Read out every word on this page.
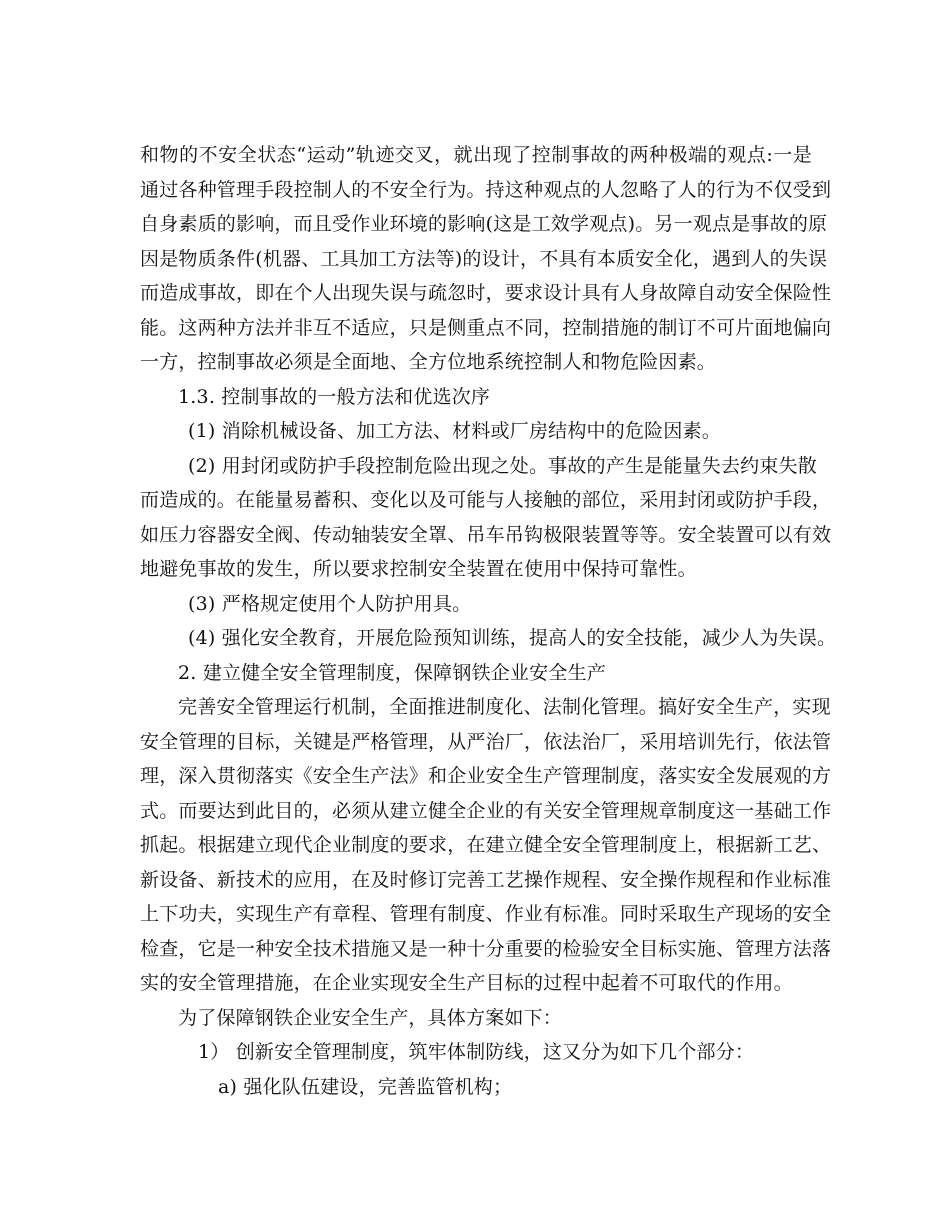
和物的不安全状态“运动”轨迹交叉，就出现了控制事故的两种极端的观点:一是
通过各种管理手段控制人的不安全行为。持这种观点的人忽略了人的行为不仅受到
自身素质的影响，而且受作业环境的影响(这是工效学观点)。另一观点是事故的原
因是物质条件(机器、工具加工方法等)的设计，不具有本质安全化，遇到人的失误
而造成事故，即在个人出现失误与疏忽时，要求设计具有人身故障自动安全保险性
能。这两种方法并非互不适应，只是侧重点不同，控制措施的制订不可片面地偏向
一方，控制事故必须是全面地、全方位地系统控制人和物危险因素。
1.3. 控制事故的一般方法和优选次序
(1) 消除机械设备、加工方法、材料或厂房结构中的危险因素。
(2) 用封闭或防护手段控制危险出现之处。事故的产生是能量失去约束失散
而造成的。在能量易蓄积、变化以及可能与人接触的部位，采用封闭或防护手段，
如压力容器安全阀、传动轴装安全罩、吊车吊钩极限装置等等。安全装置可以有效
地避免事故的发生，所以要求控制安全装置在使用中保持可靠性。
(3) 严格规定使用个人防护用具。
(4) 强化安全教育，开展危险预知训练，提高人的安全技能，减少人为失误。
2. 建立健全安全管理制度，保障钢铁企业安全生产
完善安全管理运行机制，全面推进制度化、法制化管理。搞好安全生产，实现
安全管理的目标，关键是严格管理，从严治厂，依法治厂，采用培训先行，依法管
理，深入贯彻落实《安全生产法》和企业安全生产管理制度，落实安全发展观的方
式。而要达到此目的，必须从建立健全企业的有关安全管理规章制度这一基础工作
抓起。根据建立现代企业制度的要求，在建立健全安全管理制度上，根据新工艺、
新设备、新技术的应用，在及时修订完善工艺操作规程、安全操作规程和作业标准
上下功夫，实现生产有章程、管理有制度、作业有标准。同时采取生产现场的安全
检查，它是一种安全技术措施又是一种十分重要的检验安全目标实施、管理方法落
实的安全管理措施，在企业实现安全生产目标的过程中起着不可取代的作用。
为了保障钢铁企业安全生产，具体方案如下：
1） 创新安全管理制度，筑牢体制防线，这又分为如下几个部分：
a) 强化队伍建设，完善监管机构；
